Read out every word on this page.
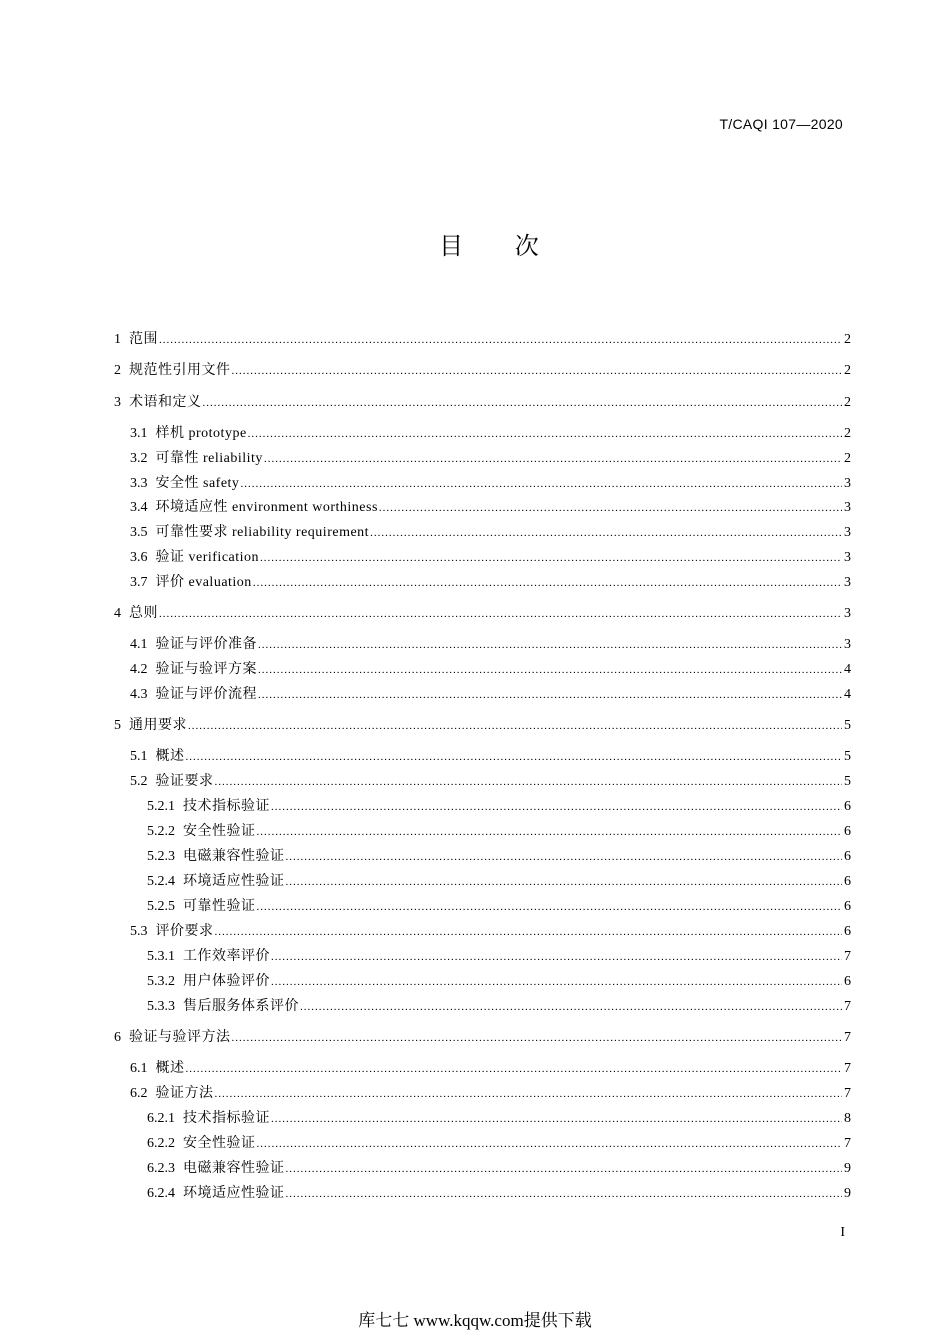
T/CAQI 107—2020
目 次
1 范围 .....	2
2 规范性引用文件 .....	2
3 术语和定义 .....	2
3.1 样机 prototype .....	2
3.2 可靠性 reliability .....	2
3.3 安全性 safety .....	3
3.4 环境适应性 environment worthiness .....	3
3.5 可靠性要求 reliability requirement .....	3
3.6 验证 verification .....	3
3.7 评价 evaluation .....	3
4 总则 .....	3
4.1 验证与评价准备 .....	3
4.2 验证与验评方案 .....	4
4.3 验证与评价流程 .....	4
5 通用要求 .....	5
5.1 概述 .....	5
5.2 验证要求 .....	5
5.2.1 技术指标验证 .....	6
5.2.2 安全性验证 .....	6
5.2.3 电磁兼容性验证 .....	6
5.2.4 环境适应性验证 .....	6
5.2.5 可靠性验证 .....	6
5.3 评价要求 .....	6
5.3.1 工作效率评价 .....	7
5.3.2 用户体验评价 .....	6
5.3.3 售后服务体系评价 .....	7
6 验证与验评方法 .....	7
6.1 概述 .....	7
6.2 验证方法 .....	7
6.2.1 技术指标验证 .....	8
6.2.2 安全性验证 .....	7
6.2.3 电磁兼容性验证 .....	9
6.2.4 环境适应性验证 .....	9
I
库七七 www.kqqw.com提供下载
